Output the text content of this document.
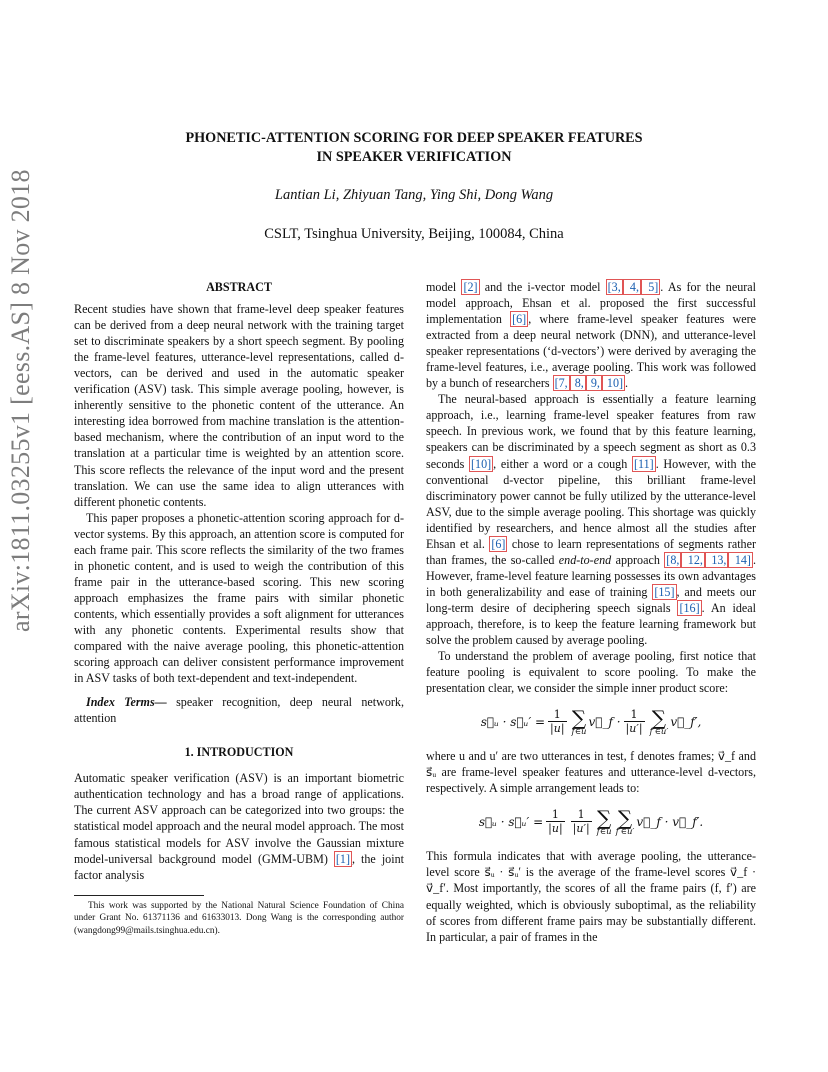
arXiv:1811.03255v1 [eess.AS] 8 Nov 2018
PHONETIC-ATTENTION SCORING FOR DEEP SPEAKER FEATURES
IN SPEAKER VERIFICATION
Lantian Li, Zhiyuan Tang, Ying Shi, Dong Wang
CSLT, Tsinghua University, Beijing, 100084, China
ABSTRACT

Recent studies have shown that frame-level deep speaker features can be derived from a deep neural network with the training target set to discriminate speakers by a short speech segment. By pooling the frame-level features, utterance-level representations, called d-vectors, can be derived and used in the automatic speaker verification (ASV) task. This simple average pooling, however, is inherently sensitive to the phonetic content of the utterance. An interesting idea borrowed from machine translation is the attention-based mechanism, where the contribution of an input word to the translation at a particular time is weighted by an attention score. This score reflects the relevance of the input word and the present translation. We can use the same idea to align utterances with different phonetic contents.

This paper proposes a phonetic-attention scoring approach for d-vector systems. By this approach, an attention score is computed for each frame pair. This score reflects the similarity of the two frames in phonetic content, and is used to weigh the contribution of this frame pair in the utterance-based scoring. This new scoring approach emphasizes the frame pairs with similar phonetic contents, which essentially provides a soft alignment for utterances with any phonetic contents. Experimental results show that compared with the naive average pooling, this phonetic-attention scoring approach can deliver consistent performance improvement in ASV tasks of both text-dependent and text-independent.

Index Terms— speaker recognition, deep neural network, attention

1. INTRODUCTION

Automatic speaker verification (ASV) is an important biometric authentication technology and has a broad range of applications. The current ASV approach can be categorized into two groups: the statistical model approach and the neural model approach. The most famous statistical models for ASV involve the Gaussian mixture model-universal background model (GMM-UBM) [1] , the joint factor analysis

This work was supported by the National Natural Science Foundation of China under Grant No. 61371136 and 61633013. Dong Wang is the corresponding author (wangdong99@mails.tsinghua.edu.cn).

model [2] and the i-vector model [3, 4, 5] . As for the neural model approach, Ehsan et al. proposed the first successful implementation [6] , where frame-level speaker features were extracted from a deep neural network (DNN), and utterance-level speaker representations (‘d-vectors’) were derived by averaging the frame-level features, i.e., average pooling. This work was followed by a bunch of researchers [7, 8, 9, 10] .

The neural-based approach is essentially a feature learning approach, i.e., learning frame-level speaker features from raw speech. In previous work, we found that by this feature learning, speakers can be discriminated by a speech segment as short as 0.3 seconds [10] , either a word or a cough [11] . However, with the conventional d-vector pipeline, this brilliant frame-level discriminatory power cannot be fully utilized by the utterance-level ASV, due to the simple average pooling. This shortage was quickly identified by researchers, and hence almost all the studies after Ehsan et al. [6] chose to learn representations of segments rather than frames, the so-called end-to-end approach [8, 12, 13, 14] . However, frame-level feature learning possesses its own advantages in both generalizability and ease of training [15] , and meets our long-term desire of deciphering speech signals [16] . An ideal approach, therefore, is to keep the feature learning framework but solve the problem caused by average pooling.

To understand the problem of average pooling, first notice that feature pooling is equivalent to score pooling. To make the presentation clear, we consider the simple inner product score:

s⃗ᵤ · s⃗ᵤ′ = $\frac{1}{|u|}$ ∑
f∈u
v⃗_f · $\frac{1}{|u'|}$ ∑
f′∈u′
v⃗_f′,

where u and u′ are two utterances in test, f denotes frames; v⃗_f and s⃗ᵤ are frame-level speaker features and utterance-level d-vectors, respectively. A simple arrangement leads to:

s⃗ᵤ · s⃗ᵤ′ = $\frac{1}{|u|} \frac{1}{|u'|}$ ∑
f∈u
∑
f′∈u′
v⃗_f · v⃗_f′.

This formula indicates that with average pooling, the utterance-level score s⃗ᵤ · s⃗ᵤ′ is the average of the frame-level scores v⃗_f · v⃗_f′. Most importantly, the scores of all the frame pairs (f, f′) are equally weighted, which is obviously suboptimal, as the reliability of scores from different frame pairs may be substantially different. In particular, a pair of frames in the
